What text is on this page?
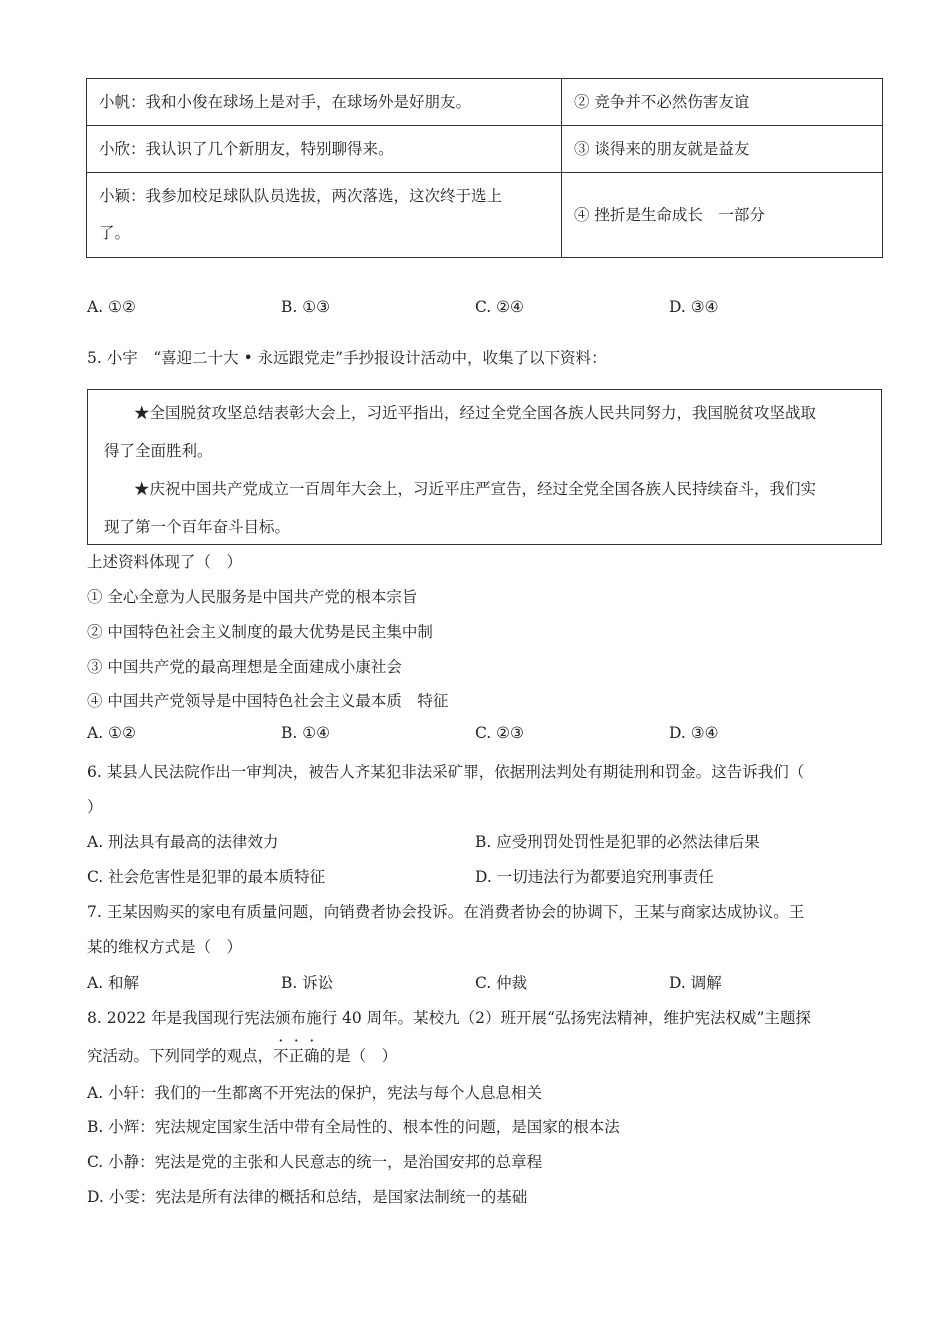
小帆：我和小俊在球场上是对手，在球场外是好朋友。	② 竞争并不必然伤害友谊
小欣：我认识了几个新朋友，特别聊得来。	③ 谈得来的朋友就是益友

小颖：我参加校足球队队员选拔，两次落选，这次终于选上
了。	④ 挫折是生命成长　一部分
A. ①②	B. ①③	C. ②④	D. ③④
5. 小宇　“喜迎二十大 • 永远跟党走”手抄报设计活动中，收集了以下资料：

★全国脱贫攻坚总结表彰大会上，习近平指出，经过全党全国各族人民共同努力，我国脱贫攻坚战取

得了全面胜利。

★庆祝中国共产党成立一百周年大会上，习近平庄严宣告，经过全党全国各族人民持续奋斗，我们实

现了第一个百年奋斗目标。
上述资料体现了（　）
① 全心全意为人民服务是中国共产党的根本宗旨
② 中国特色社会主义制度的最大优势是民主集中制
③ 中国共产党的最高理想是全面建成小康社会
④ 中国共产党领导是中国特色社会主义最本质　特征
A. ①②	B. ①④	C. ②③	D. ③④
6. 某县人民法院作出一审判决，被告人齐某犯非法采矿罪，依据刑法判处有期徒刑和罚金。这告诉我们（
）
A. 刑法具有最高的法律效力	B. 应受刑罚处罚性是犯罪的必然法律后果
C. 社会危害性是犯罪的最本质特征	D. 一切违法行为都要追究刑事责任
7. 王某因购买的家电有质量问题，向销费者协会投诉。在消费者协会的协调下，王某与商家达成协议。王
某的维权方式是（　）
A. 和解	B. 诉讼	C. 仲裁	D. 调解
8. 2022 年是我国现行宪法颁布施行 40 周年。某校九（2）班开展“弘扬宪法精神，维护宪法权威”主题探
究活动。下列同学的观点，不正确的是（　）
A. 小轩：我们的一生都离不开宪法的保护，宪法与每个人息息相关
B. 小辉：宪法规定国家生活中带有全局性的、根本性的问题，是国家的根本法
C. 小静：宪法是党的主张和人民意志的统一，是治国安邦的总章程
D. 小雯：宪法是所有法律的概括和总结，是国家法制统一的基础
